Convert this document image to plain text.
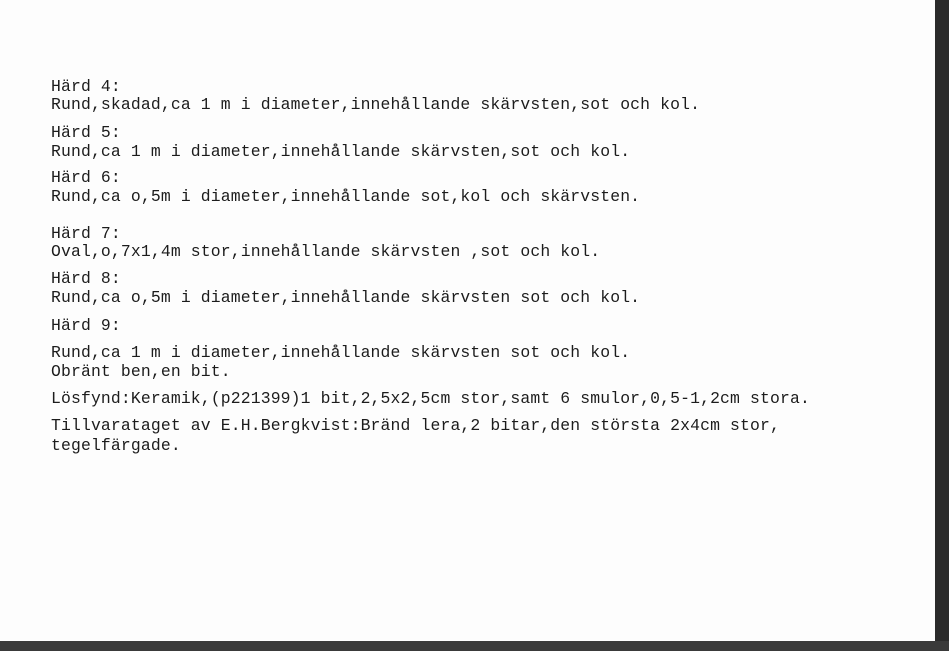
Härd 4:

Rund,skadad,ca 1 m i diameter,innehållande skärvsten,sot och kol.

Härd 5:

Rund,ca 1 m i diameter,innehållande skärvsten,sot och kol.

Härd 6:

Rund,ca o,5m i diameter,innehållande sot,kol och skärvsten.

Härd 7:

Oval,o,7x1,4m stor,innehållande skärvsten ,sot och kol.

Härd 8:

Rund,ca o,5m i diameter,innehållande skärvsten sot och kol.

Härd 9:

Rund,ca 1 m i diameter,innehållande skärvsten sot och kol.

Obränt ben,en bit.

Lösfynd:Keramik,(p221399)1 bit,2,5x2,5cm stor,samt 6 smulor,0,5-1,2cm stora.

Tillvarataget av E.H.Bergkvist:Bränd lera,2 bitar,den största 2x4cm stor,

tegelfärgade.
